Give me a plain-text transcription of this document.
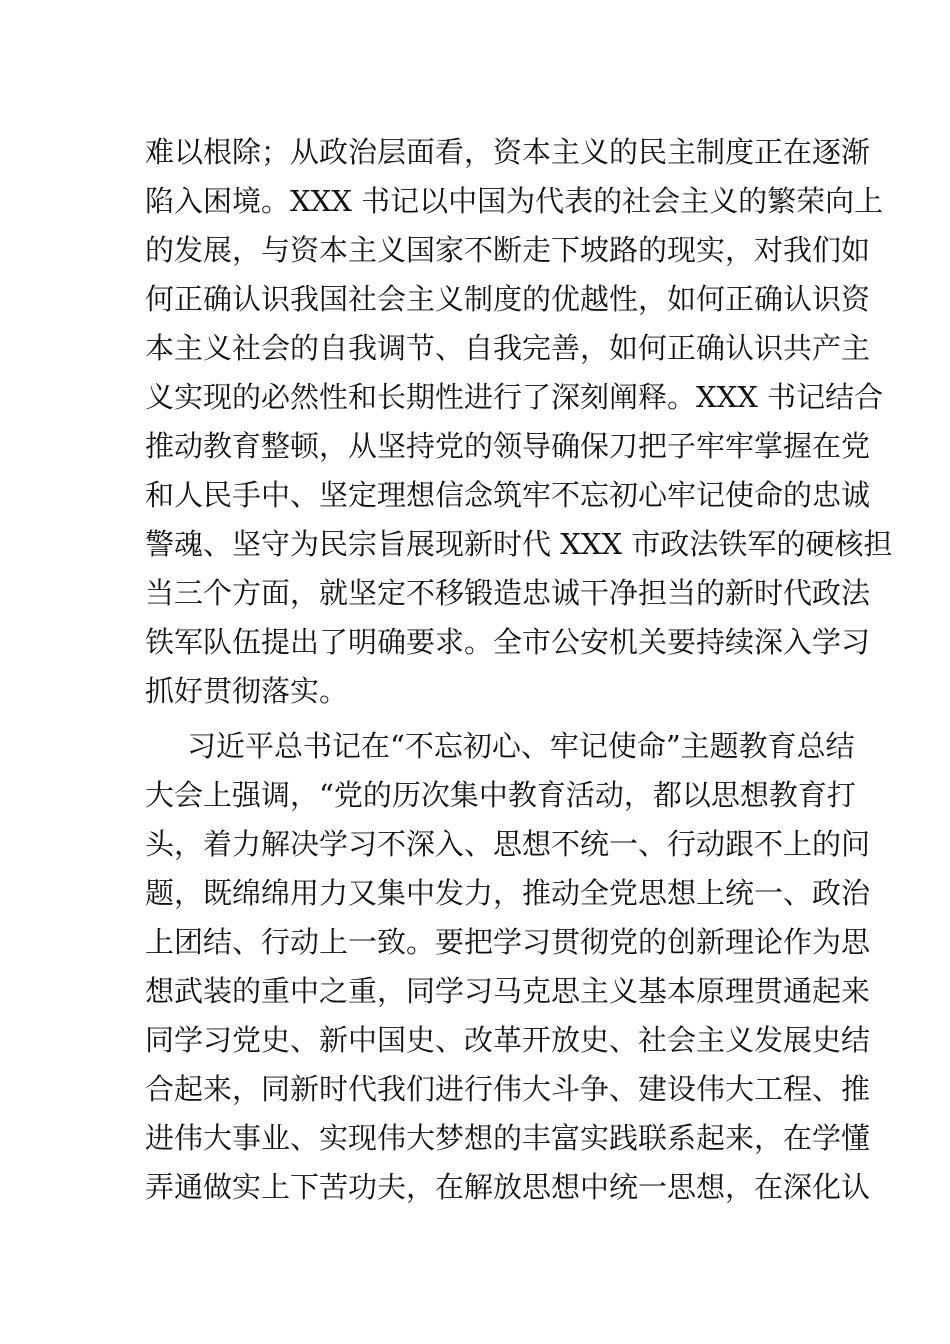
难以根除；从政治层面看，资本主义的民主制度正在逐渐
陷入困境。XXX 书记以中国为代表的社会主义的繁荣向上
的发展，与资本主义国家不断走下坡路的现实，对我们如
何正确认识我国社会主义制度的优越性，如何正确认识资
本主义社会的自我调节、自我完善，如何正确认识共产主
义实现的必然性和长期性进行了深刻阐释。XXX 书记结合
推动教育整顿，从坚持党的领导确保刀把子牢牢掌握在党
和人民手中、坚定理想信念筑牢不忘初心牢记使命的忠诚
警魂、坚守为民宗旨展现新时代 XXX 市政法铁军的硬核担
当三个方面，就坚定不移锻造忠诚干净担当的新时代政法
铁军队伍提出了明确要求。全市公安机关要持续深入学习
抓好贯彻落实。
习近平总书记在“不忘初心、牢记使命”主题教育总结
大会上强调，“党的历次集中教育活动，都以思想教育打
头，着力解决学习不深入、思想不统一、行动跟不上的问
题，既绵绵用力又集中发力，推动全党思想上统一、政治
上团结、行动上一致。要把学习贯彻党的创新理论作为思
想武装的重中之重，同学习马克思主义基本原理贯通起来
同学习党史、新中国史、改革开放史、社会主义发展史结
合起来，同新时代我们进行伟大斗争、建设伟大工程、推
进伟大事业、实现伟大梦想的丰富实践联系起来，在学懂
弄通做实上下苦功夫，在解放思想中统一思想，在深化认
